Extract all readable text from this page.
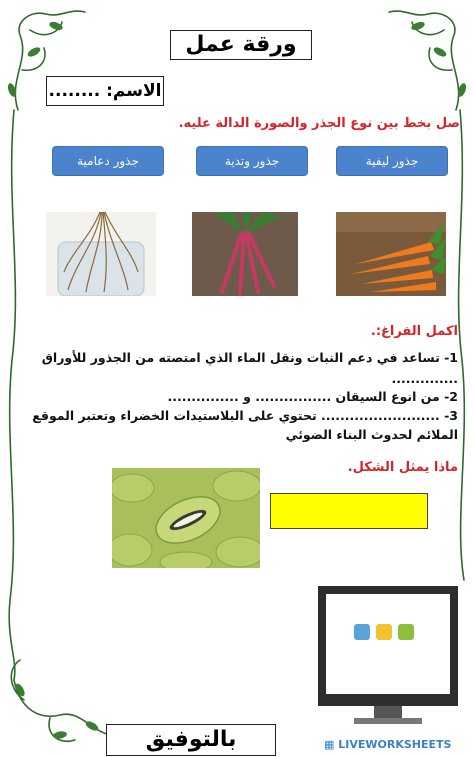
ورقة عمل
الاسم: ........
صل بخط بين نوع الجذر والصورة الدالة عليه.
جذور ليفية
جذور وتدية
جذور دعامية
اكمل الفراغ:.
1- تساعد في دعم النبات ونقل الماء الذي امتصته من الجذور للأوراق
..............
2- من انوع السيقان ................ و ...............
3- ......................... تحتوي على البلاستيدات الخضراء وتعتبر الموقع
الملائم لحدوث البناء الضوئي
ماذا يمثل الشكل.
بالتوفيق	▦ LIVEWORKSHEETS
